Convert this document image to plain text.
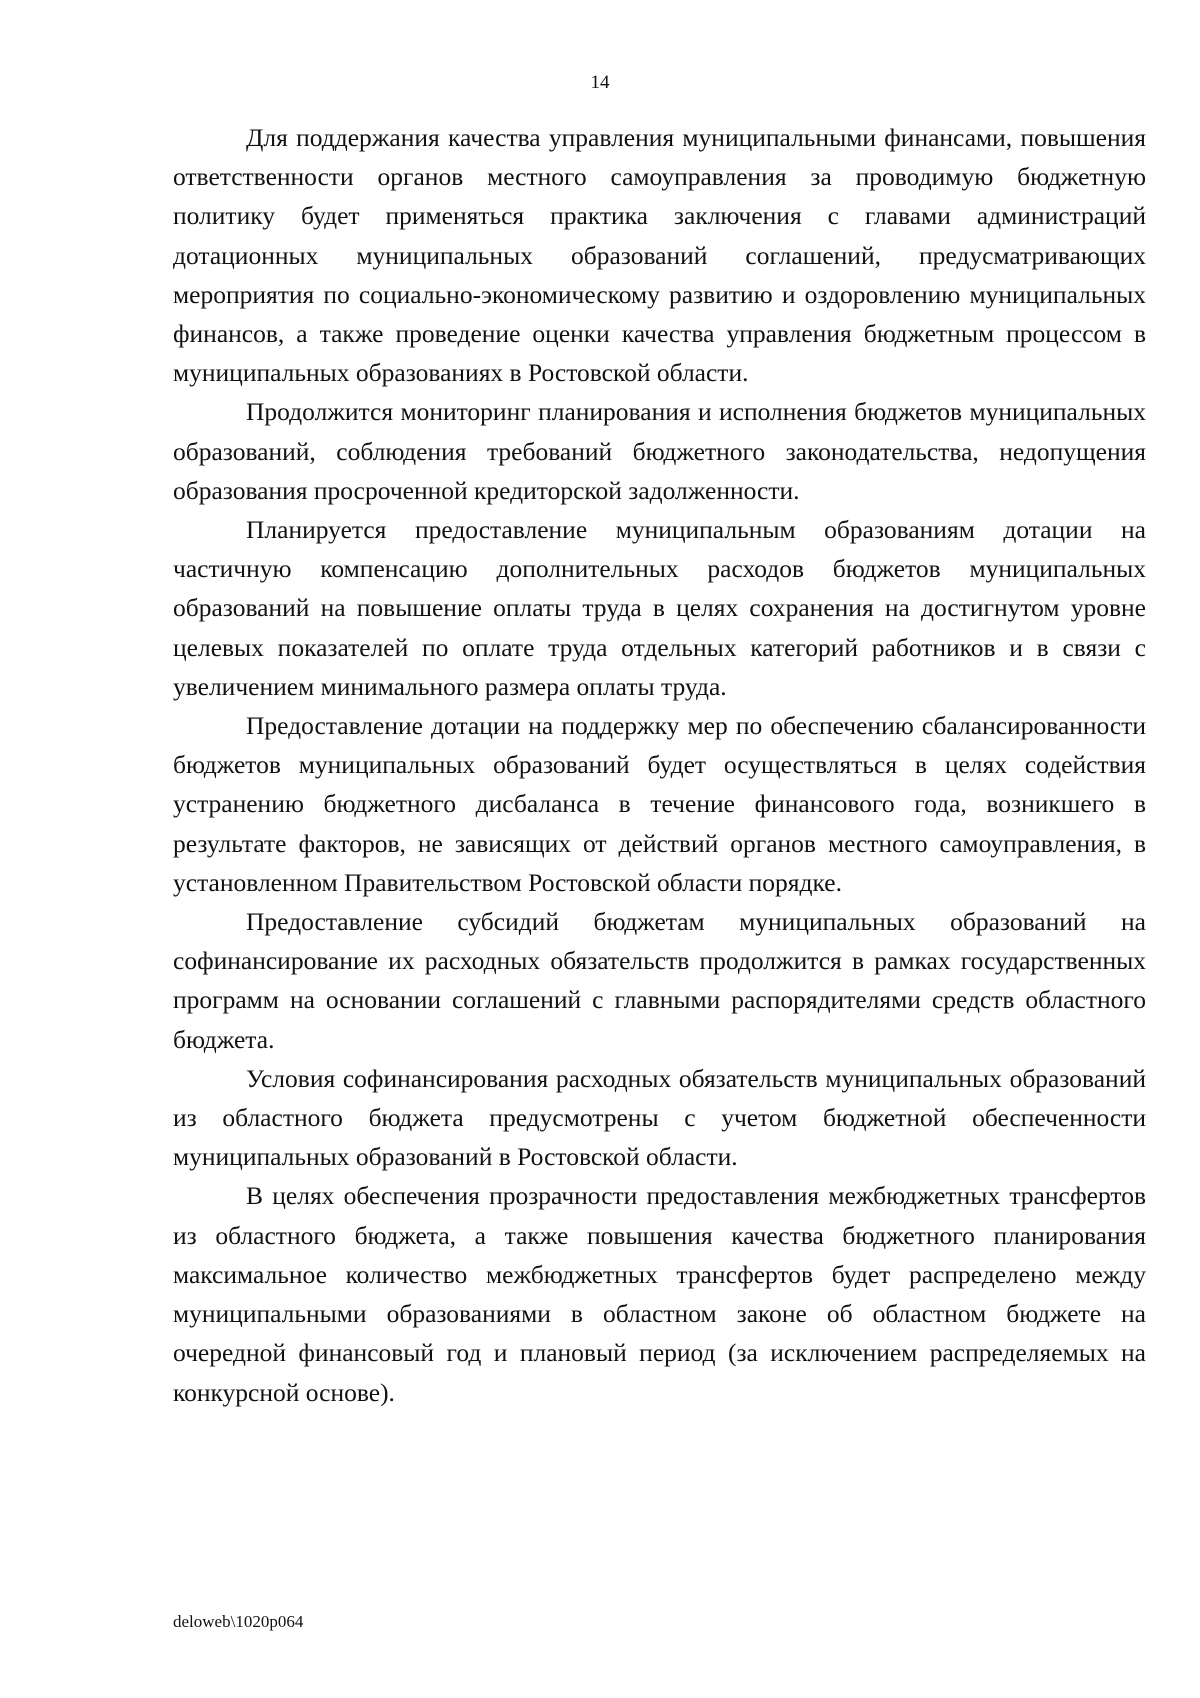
14

Для поддержания качества управления муниципальными финансами, повышения ответственности органов местного самоуправления за проводимую бюджетную политику будет применяться практика заключения с главами администраций дотационных муниципальных образований соглашений, предусматривающих мероприятия по социально-экономическому развитию и оздоровлению муниципальных финансов, а также проведение оценки качества управления бюджетным процессом в муниципальных образованиях в Ростовской области.

Продолжится мониторинг планирования и исполнения бюджетов муниципальных образований, соблюдения требований бюджетного законодательства, недопущения образования просроченной кредиторской задолженности.

Планируется предоставление муниципальным образованиям дотации на частичную компенсацию дополнительных расходов бюджетов муниципальных образований на повышение оплаты труда в целях сохранения на достигнутом уровне целевых показателей по оплате труда отдельных категорий работников и в связи с увеличением минимального размера оплаты труда.

Предоставление дотации на поддержку мер по обеспечению сбалансированности бюджетов муниципальных образований будет осуществляться в целях содействия устранению бюджетного дисбаланса в течение финансового года, возникшего в результате факторов, не зависящих от действий органов местного самоуправления, в установленном Правительством Ростовской области порядке.

Предоставление субсидий бюджетам муниципальных образований на софинансирование их расходных обязательств продолжится в рамках государственных программ на основании соглашений с главными распорядителями средств областного бюджета.

Условия софинансирования расходных обязательств муниципальных образований из областного бюджета предусмотрены с учетом бюджетной обеспеченности муниципальных образований в Ростовской области.

В целях обеспечения прозрачности предоставления межбюджетных трансфертов из областного бюджета, а также повышения качества бюджетного планирования максимальное количество межбюджетных трансфертов будет распределено между муниципальными образованиями в областном законе об областном бюджете на очередной финансовый год и плановый период (за исключением распределяемых на конкурсной основе).

deloweb\1020p064
